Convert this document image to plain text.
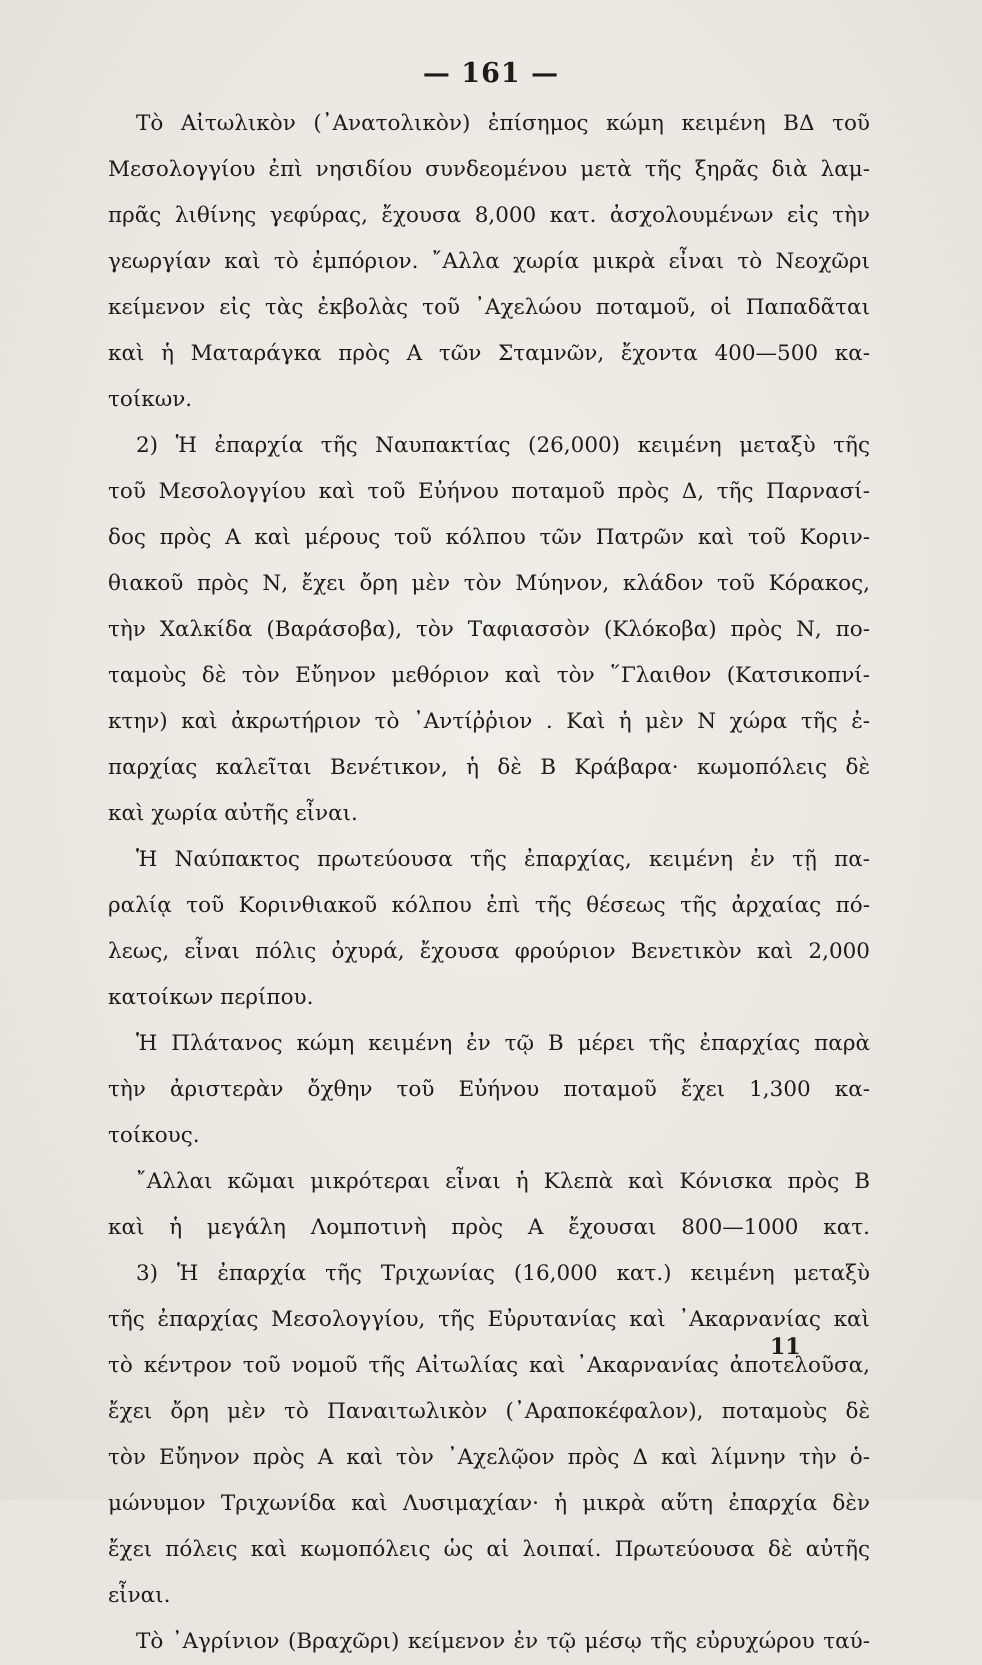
— 161 —
Τὸ Αἰτωλικὸν (᾽Ανατολικὸν) ἐπίσημος κώμη κειμένη ΒΔ τοῦ
Μεσολογγίου ἐπὶ νησιδίου συνδεομένου μετὰ τῆς ξηρᾶς διὰ λαμ-
πρᾶς λιθίνης γεφύρας, ἔχουσα 8,000 κατ. ἀσχολουμένων εἰς τὴν
γεωργίαν καὶ τὸ ἐμπόριον. ῎Αλλα χωρία μικρὰ εἶναι τὸ Νεοχῶρι
κείμενον εἰς τὰς ἐκβολὰς τοῦ ᾽Αχελώου ποταμοῦ, οἱ Παπαδᾶται
καὶ ἡ Ματαράγκα πρὸς Α τῶν Σταμνῶν, ἔχοντα 400—500 κα-
τοίκων.
2) Ἡ ἐπαρχία τῆς Ναυπακτίας (26,000) κειμένη μεταξὺ τῆς
τοῦ Μεσολογγίου καὶ τοῦ Εὐήνου ποταμοῦ πρὸς Δ, τῆς Παρνασί-
δος πρὸς Α καὶ μέρους τοῦ κόλπου τῶν Πατρῶν καὶ τοῦ Κοριν-
θιακοῦ πρὸς Ν, ἔχει ὄρη μὲν τὸν Μύηνον, κλάδον τοῦ Κόρακος,
τὴν Χαλκίδα (Βαράσοβα), τὸν Ταφιασσὸν (Κλόκοβα) πρὸς Ν, πο-
ταμοὺς δὲ τὸν Εὔηνον μεθόριον καὶ τὸν ῞Γλαιθον (Κατσικοπνί-
κτην) καὶ ἀκρωτήριον τὸ ᾽Αντίῤῥιον . Καὶ ἡ μὲν Ν χώρα τῆς ἐ-
παρχίας καλεῖται Βενέτικον, ἡ δὲ Β Κράβαρα· κωμοπόλεις δὲ
καὶ χωρία αὐτῆς εἶναι.
Ἡ Ναύπακτος πρωτεύουσα τῆς ἐπαρχίας, κειμένη ἐν τῇ πα-
ραλίᾳ τοῦ Κορινθιακοῦ κόλπου ἐπὶ τῆς θέσεως τῆς ἀρχαίας πό-
λεως, εἶναι πόλις ὀχυρά, ἔχουσα φρούριον Βενετικὸν καὶ 2,000
κατοίκων περίπου.
Ἡ Πλάτανος κώμη κειμένη ἐν τῷ Β μέρει τῆς ἐπαρχίας παρὰ
τὴν ἀριστερὰν ὄχθην τοῦ Εὐήνου ποταμοῦ ἔχει 1,300 κα-
τοίκους.
῎Αλλαι κῶμαι μικρότεραι εἶναι ἡ Κλεπὰ καὶ Κόνισκα πρὸς Β
καὶ ἡ μεγάλη Λομποτινὴ πρὸς Α ἔχουσαι 800—1000 κατ.
3) Ἡ ἐπαρχία τῆς Τριχωνίας (16,000 κατ.) κειμένη μεταξὺ
τῆς ἐπαρχίας Μεσολογγίου, τῆς Εὐρυτανίας καὶ ᾽Ακαρνανίας καὶ
τὸ κέντρον τοῦ νομοῦ τῆς Αἰτωλίας καὶ ᾽Ακαρνανίας ἀποτελοῦσα,
ἔχει ὄρη μὲν τὸ Παναιτωλικὸν (᾽Αραποκέφαλον), ποταμοὺς δὲ
τὸν Εὔηνον πρὸς Α καὶ τὸν ᾽Αχελῷον πρὸς Δ καὶ λίμνην τὴν ὁ-
μώνυμον Τριχωνίδα καὶ Λυσιμαχίαν· ἡ μικρὰ αὕτη ἐπαρχία δὲν
ἔχει πόλεις καὶ κωμοπόλεις ὡς αἱ λοιπαί. Πρωτεύουσα δὲ αὐτῆς
εἶναι.
Τὸ ᾽Αγρίνιον (Βραχῶρι) κείμενον ἐν τῷ μέσῳ τῆς εὐρυχώρου ταύ-
11
